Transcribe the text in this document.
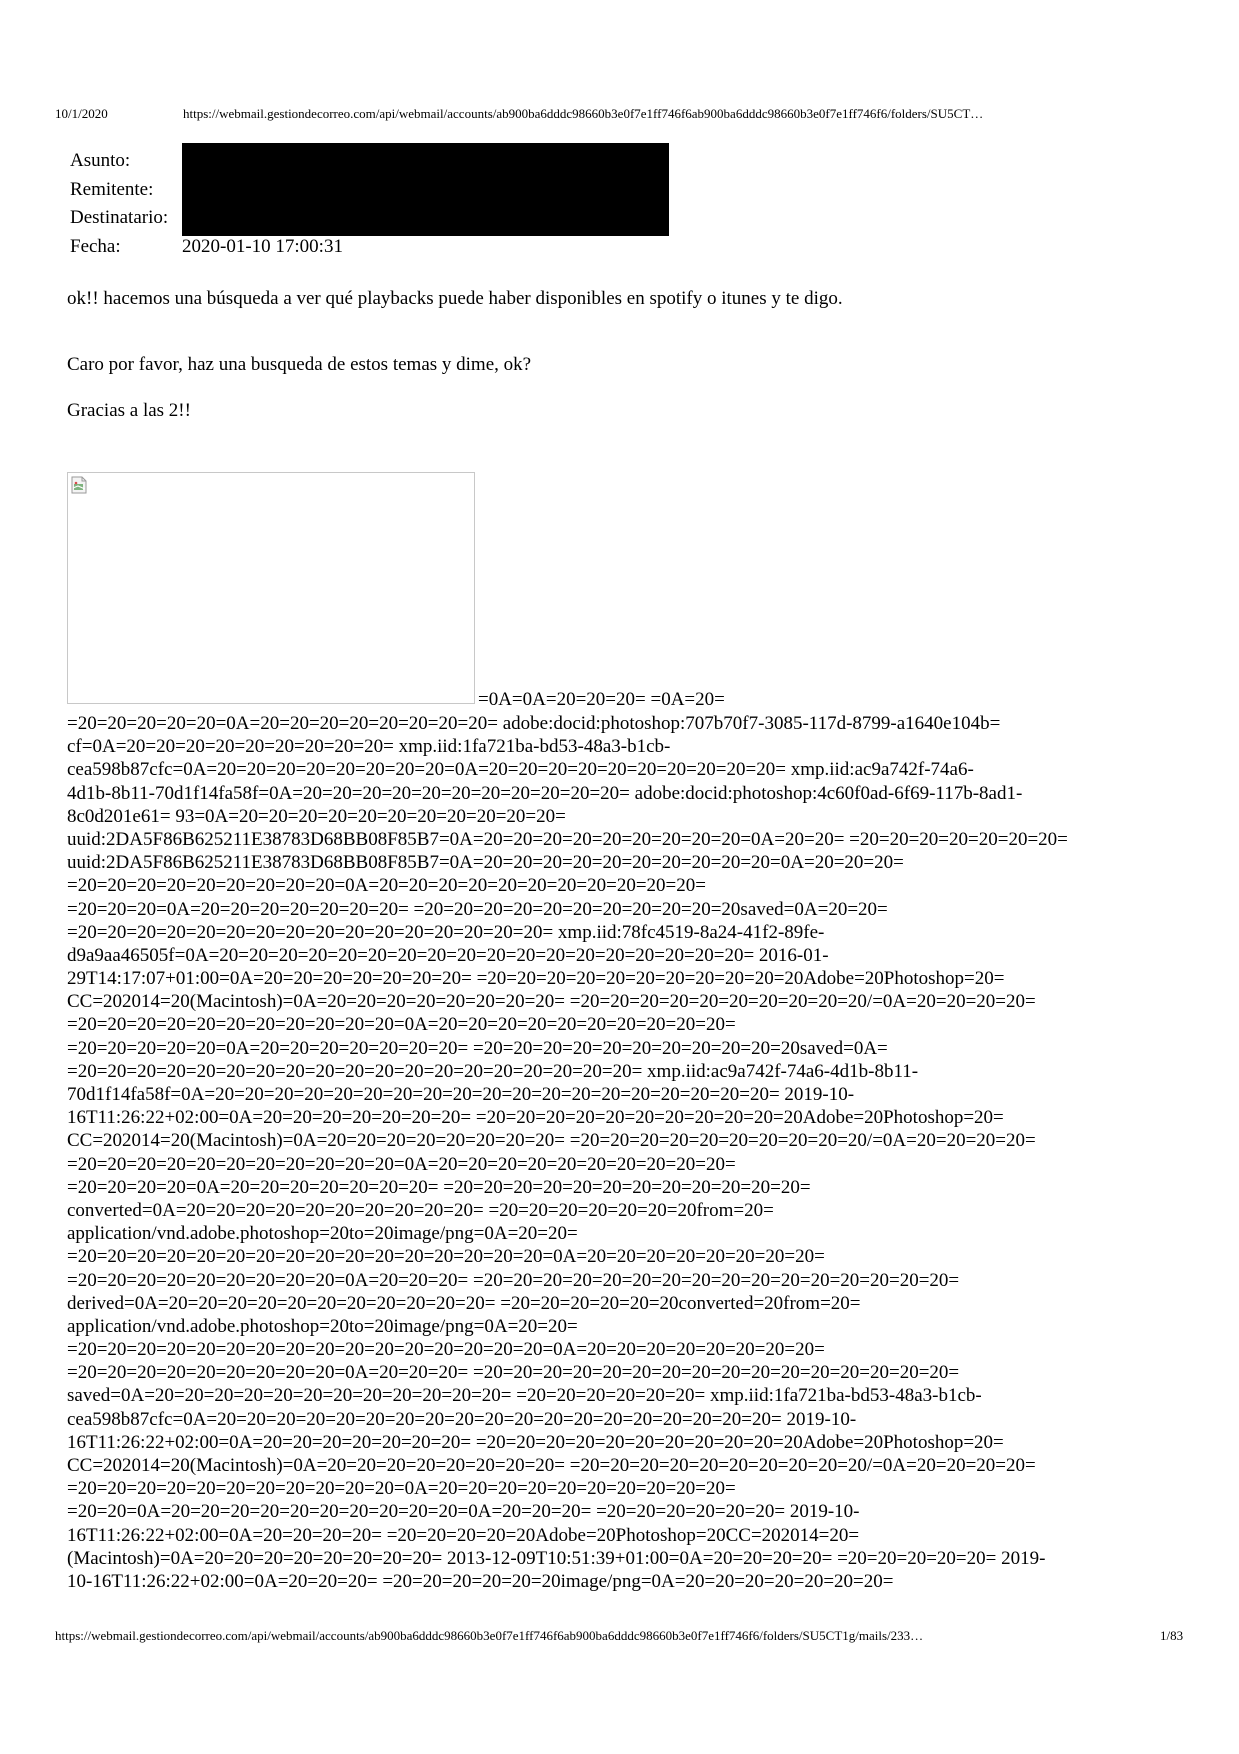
10/1/2020	https://webmail.gestiondecorreo.com/api/webmail/accounts/ab900ba6dddc98660b3e0f7e1ff746f6ab900ba6dddc98660b3e0f7e1ff746f6/folders/SU5CT…
Asunto:
Remitente:
Destinatario:
Fecha:	2020-01-10 17:00:31
ok!! hacemos una búsqueda a ver qué playbacks puede haber disponibles en spotify o itunes y te digo.
Caro por favor, haz una busqueda de estos temas y dime, ok?
Gracias a las 2!!
=0A=0A=20=20=20= =0A=20=
=20=20=20=20=20=0A=20=20=20=20=20=20=20=20= adobe:docid:photoshop:707b70f7-3085-117d-8799-a1640e104b=
cf=0A=20=20=20=20=20=20=20=20=20= xmp.iid:1fa721ba-bd53-48a3-b1cb-
cea598b87cfc=0A=20=20=20=20=20=20=20=20=0A=20=20=20=20=20=20=20=20=20=20= xmp.iid:ac9a742f-74a6-
4d1b-8b11-70d1f14fa58f=0A=20=20=20=20=20=20=20=20=20=20=20= adobe:docid:photoshop:4c60f0ad-6f69-117b-8ad1-
8c0d201e61= 93=0A=20=20=20=20=20=20=20=20=20=20=20=
uuid:2DA5F86B625211E38783D68BB08F85B7=0A=20=20=20=20=20=20=20=20=20=0A=20=20= =20=20=20=20=20=20=20=
uuid:2DA5F86B625211E38783D68BB08F85B7=0A=20=20=20=20=20=20=20=20=20=20=0A=20=20=20=
=20=20=20=20=20=20=20=20=20=0A=20=20=20=20=20=20=20=20=20=20=20=
=20=20=20=0A=20=20=20=20=20=20=20= =20=20=20=20=20=20=20=20=20=20=20saved=0A=20=20=
=20=20=20=20=20=20=20=20=20=20=20=20=20=20=20=20= xmp.iid:78fc4519-8a24-41f2-89fe-
d9a9aa46505f=0A=20=20=20=20=20=20=20=20=20=20=20=20=20=20=20=20=20=20= 2016-01-
29T14:17:07+01:00=0A=20=20=20=20=20=20=20= =20=20=20=20=20=20=20=20=20=20=20Adobe=20Photoshop=20=
CC=202014=20(Macintosh)=0A=20=20=20=20=20=20=20=20= =20=20=20=20=20=20=20=20=20=20/=0A=20=20=20=20=
=20=20=20=20=20=20=20=20=20=20=20=0A=20=20=20=20=20=20=20=20=20=20=
=20=20=20=20=20=0A=20=20=20=20=20=20=20= =20=20=20=20=20=20=20=20=20=20=20saved=0A=
=20=20=20=20=20=20=20=20=20=20=20=20=20=20=20=20=20=20=20= xmp.iid:ac9a742f-74a6-4d1b-8b11-
70d1f14fa58f=0A=20=20=20=20=20=20=20=20=20=20=20=20=20=20=20=20=20=20=20= 2019-10-
16T11:26:22+02:00=0A=20=20=20=20=20=20=20= =20=20=20=20=20=20=20=20=20=20=20Adobe=20Photoshop=20=
CC=202014=20(Macintosh)=0A=20=20=20=20=20=20=20=20= =20=20=20=20=20=20=20=20=20=20/=0A=20=20=20=20=
=20=20=20=20=20=20=20=20=20=20=20=0A=20=20=20=20=20=20=20=20=20=20=
=20=20=20=20=0A=20=20=20=20=20=20=20= =20=20=20=20=20=20=20=20=20=20=20=20=
converted=0A=20=20=20=20=20=20=20=20=20=20= =20=20=20=20=20=20=20from=20=
application/vnd.adobe.photoshop=20to=20image/png=0A=20=20=
=20=20=20=20=20=20=20=20=20=20=20=20=20=20=20=20=0A=20=20=20=20=20=20=20=20=
=20=20=20=20=20=20=20=20=20=0A=20=20=20= =20=20=20=20=20=20=20=20=20=20=20=20=20=20=20=20=
derived=0A=20=20=20=20=20=20=20=20=20=20=20= =20=20=20=20=20=20converted=20from=20=
application/vnd.adobe.photoshop=20to=20image/png=0A=20=20=
=20=20=20=20=20=20=20=20=20=20=20=20=20=20=20=20=0A=20=20=20=20=20=20=20=20=
=20=20=20=20=20=20=20=20=20=0A=20=20=20= =20=20=20=20=20=20=20=20=20=20=20=20=20=20=20=20=
saved=0A=20=20=20=20=20=20=20=20=20=20=20=20= =20=20=20=20=20=20= xmp.iid:1fa721ba-bd53-48a3-b1cb-
cea598b87cfc=0A=20=20=20=20=20=20=20=20=20=20=20=20=20=20=20=20=20=20=20= 2019-10-
16T11:26:22+02:00=0A=20=20=20=20=20=20=20= =20=20=20=20=20=20=20=20=20=20=20Adobe=20Photoshop=20=
CC=202014=20(Macintosh)=0A=20=20=20=20=20=20=20=20= =20=20=20=20=20=20=20=20=20=20/=0A=20=20=20=20=
=20=20=20=20=20=20=20=20=20=20=20=0A=20=20=20=20=20=20=20=20=20=20=
=20=20=0A=20=20=20=20=20=20=20=20=20=20=0A=20=20=20= =20=20=20=20=20=20= 2019-10-
16T11:26:22+02:00=0A=20=20=20=20= =20=20=20=20=20Adobe=20Photoshop=20CC=202014=20=
(Macintosh)=0A=20=20=20=20=20=20=20=20= 2013-12-09T10:51:39+01:00=0A=20=20=20=20= =20=20=20=20=20= 2019-
10-16T11:26:22+02:00=0A=20=20=20= =20=20=20=20=20=20image/png=0A=20=20=20=20=20=20=20=
https://webmail.gestiondecorreo.com/api/webmail/accounts/ab900ba6dddc98660b3e0f7e1ff746f6ab900ba6dddc98660b3e0f7e1ff746f6/folders/SU5CT1g/mails/233…	1/83
